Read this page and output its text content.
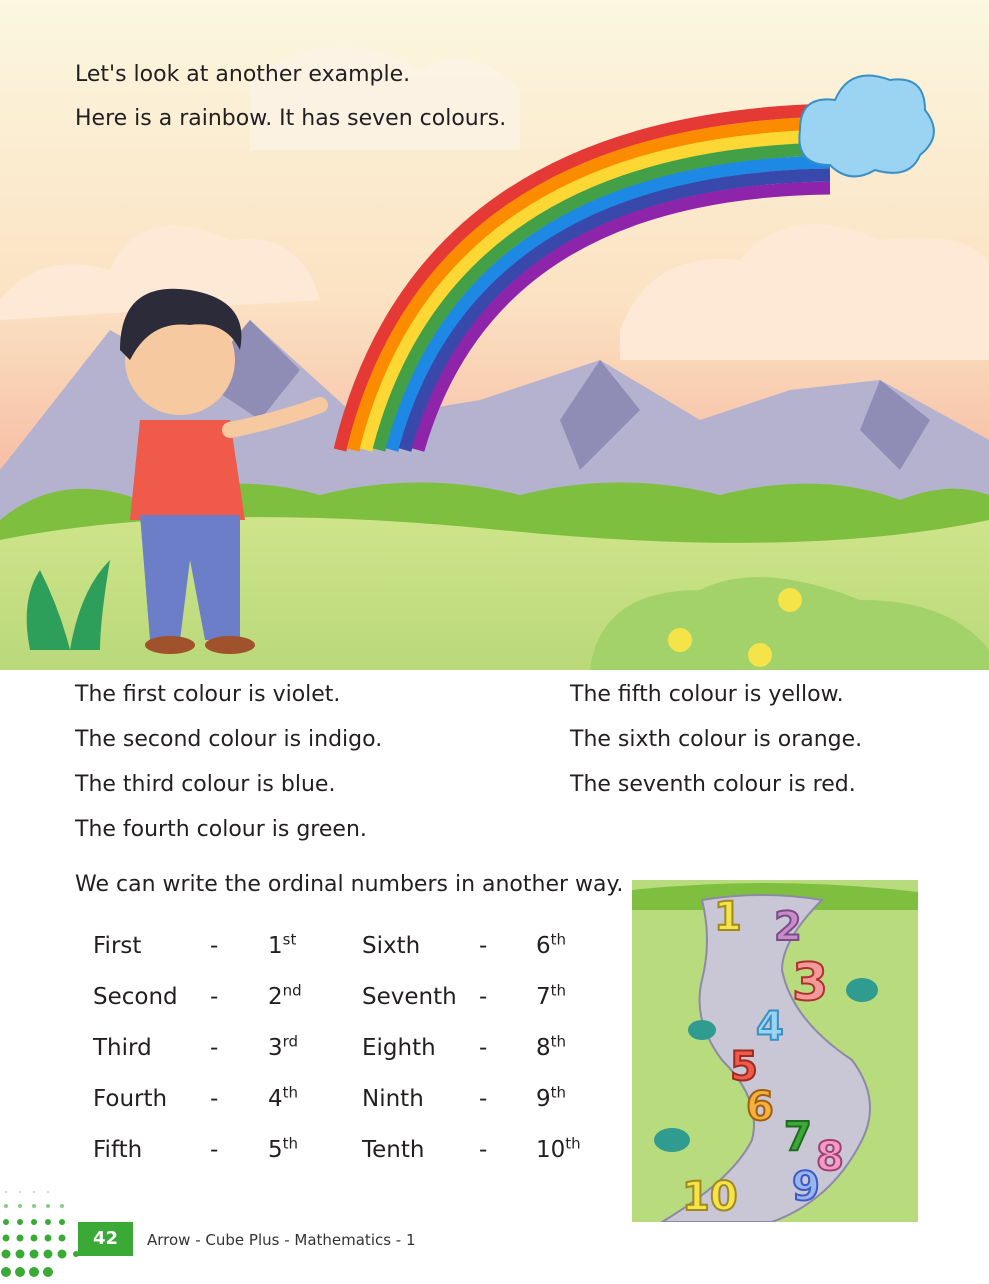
Let's look at another example.
Here is a rainbow. It has seven colours.
The first colour is violet.
The second colour is indigo.
The third colour is blue.
The fourth colour is green.
The fifth colour is yellow.
The sixth colour is orange.
The seventh colour is red.
We can write the ordinal numbers in another way.
First	- 1st	Sixth	- 6th
Second - 2nd	Seventh - 7th
Third	- 3rd	Eighth - 8th
Fourth - 4th	Ninth - 9th
Fifth	- 5th	Tenth - 10th
1 2
3
4
5
6
7 8
9
10
42	Arrow - Cube Plus - Mathematics - 1
